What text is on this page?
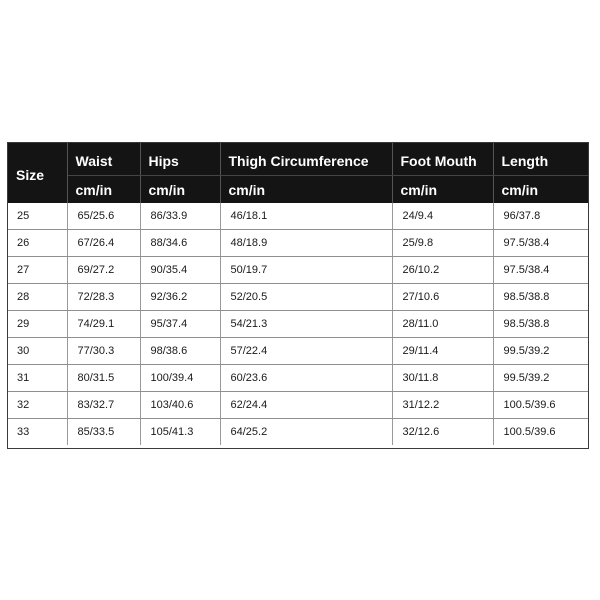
Size	Waist	Hips	Thigh Circumference	Foot Mouth	Length
	cm/in	cm/in	cm/in	cm/in	cm/in
25	65/25.6	86/33.9	46/18.1	24/9.4	96/37.8
26	67/26.4	88/34.6	48/18.9	25/9.8	97.5/38.4
27	69/27.2	90/35.4	50/19.7	26/10.2	97.5/38.4
28	72/28.3	92/36.2	52/20.5	27/10.6	98.5/38.8
29	74/29.1	95/37.4	54/21.3	28/11.0	98.5/38.8
30	77/30.3	98/38.6	57/22.4	29/11.4	99.5/39.2
31	80/31.5	100/39.4	60/23.6	30/11.8	99.5/39.2
32	83/32.7	103/40.6	62/24.4	31/12.2	100.5/39.6
33	85/33.5	105/41.3	64/25.2	32/12.6	100.5/39.6
